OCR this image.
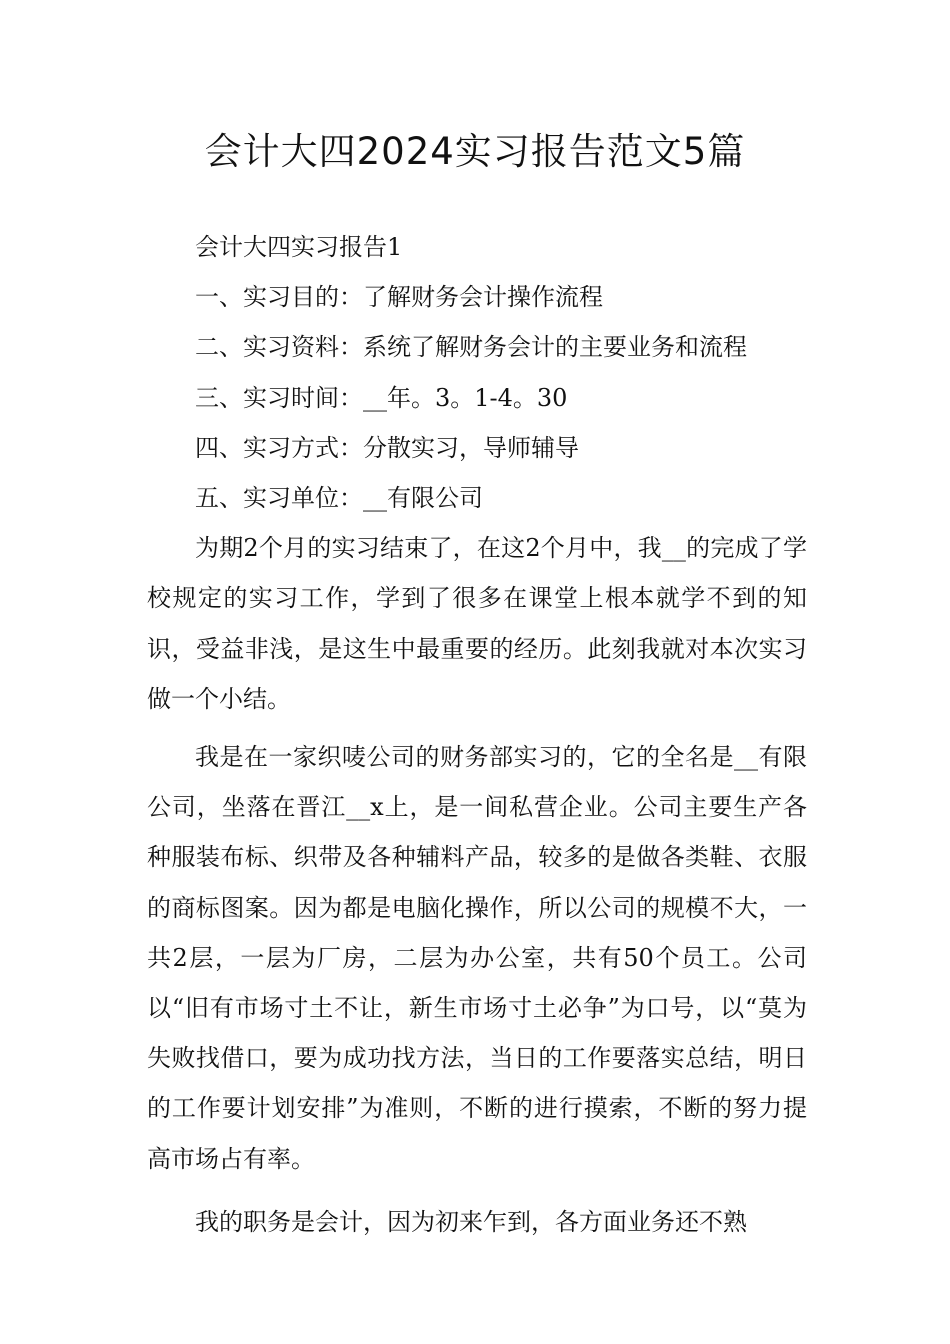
会计大四2024实习报告范文5篇

会计大四实习报告1

一、实习目的：了解财务会计操作流程

二、实习资料：系统了解财务会计的主要业务和流程

三、实习时间：__年。3。1-4。30

四、实习方式：分散实习，导师辅导

五、实习单位：__有限公司

为期2个月的实习结束了，在这2个月中，我__的完成了学校规定的实习工作，学到了很多在课堂上根本就学不到的知识，受益非浅，是这生中最重要的经历。此刻我就对本次实习做一个小结。

我是在一家织唛公司的财务部实习的，它的全名是__有限公司，坐落在晋江__x上，是一间私营企业。公司主要生产各种服装布标、织带及各种辅料产品，较多的是做各类鞋、衣服的商标图案。因为都是电脑化操作，所以公司的规模不大，一共2层，一层为厂房，二层为办公室，共有50个员工。公司以“旧有市场寸土不让，新生市场寸土必争”为口号，以“莫为失败找借口，要为成功找方法，当日的工作要落实总结，明日的工作要计划安排”为准则，不断的进行摸索，不断的努力提高市场占有率。

我的职务是会计，因为初来乍到，各方面业务还不熟
